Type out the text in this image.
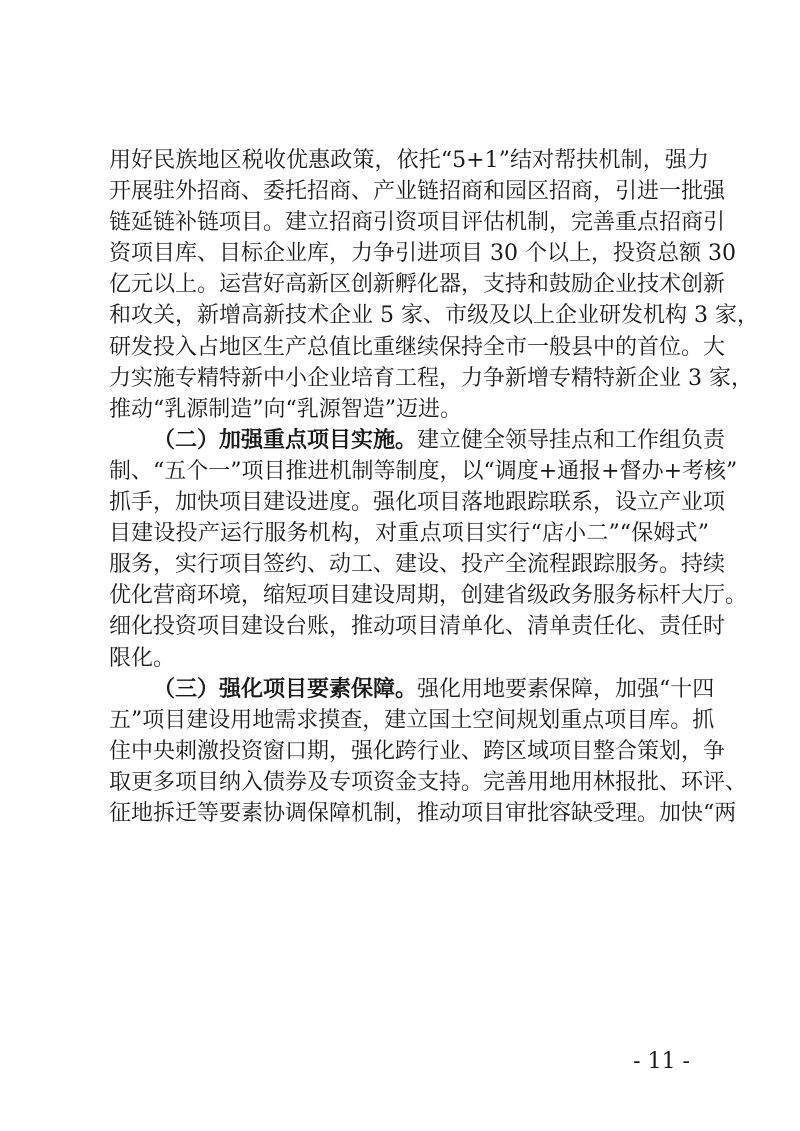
用好民族地区税收优惠政策，依托“5+1”结对帮扶机制，强力
开展驻外招商、委托招商、产业链招商和园区招商，引进一批强
链延链补链项目。建立招商引资项目评估机制，完善重点招商引
资项目库、目标企业库，力争引进项目 30 个以上，投资总额 30
亿元以上。运营好高新区创新孵化器，支持和鼓励企业技术创新
和攻关，新增高新技术企业 5 家、市级及以上企业研发机构 3 家，
研发投入占地区生产总值比重继续保持全市一般县中的首位。大
力实施专精特新中小企业培育工程，力争新增专精特新企业 3 家，
推动“乳源制造”向“乳源智造”迈进。
（二）加强重点项目实施。建立健全领导挂点和工作组负责
制、“五个一”项目推进机制等制度，以“调度+通报+督办+考核”
抓手，加快项目建设进度。强化项目落地跟踪联系，设立产业项
目建设投产运行服务机构，对重点项目实行“店小二”“保姆式”
服务，实行项目签约、动工、建设、投产全流程跟踪服务。持续
优化营商环境，缩短项目建设周期，创建省级政务服务标杆大厅。
细化投资项目建设台账，推动项目清单化、清单责任化、责任时
限化。
（三）强化项目要素保障。强化用地要素保障，加强“十四
五”项目建设用地需求摸查，建立国土空间规划重点项目库。抓
住中央刺激投资窗口期，强化跨行业、跨区域项目整合策划，争
取更多项目纳入债券及专项资金支持。完善用地用林报批、环评、
征地拆迁等要素协调保障机制，推动项目审批容缺受理。加快“两
- 11 -
